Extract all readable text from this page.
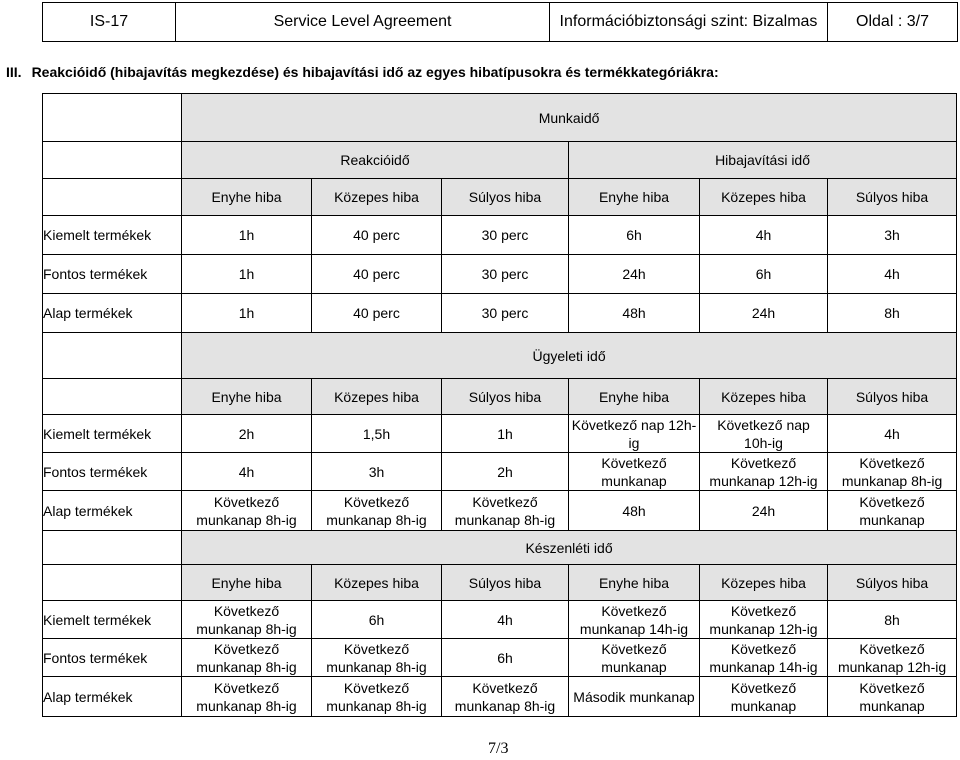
IS-17	Service Level Agreement	Információbiztonsági szint: Bizalmas	Oldal : 3/7
III. Reakcióidő (hibajavítás megkezdése) és hibajavítási idő az egyes hibatípusokra és termékkategóriákra:
	Munkaidő					
	Reakcióidő			Hibajavítási idő		
	Enyhe hiba	Közepes hiba	Súlyos hiba	Enyhe hiba	Közepes hiba	Súlyos hiba
Kiemelt termékek	1h	40 perc	30 perc	6h	4h	3h
Fontos termékek	1h	40 perc	30 perc	24h	6h	4h
Alap termékek	1h	40 perc	30 perc	48h	24h	8h
	Ügyeleti idő					
	Enyhe hiba	Közepes hiba	Súlyos hiba	Enyhe hiba	Közepes hiba	Súlyos hiba
Kiemelt termékek	2h	1,5h	1h	Következő nap 12h-ig	Következő nap 10h-ig	4h
Fontos termékek	4h	3h	2h	Következő munkanap	Következő munkanap 12h-ig	Következő munkanap 8h-ig
Alap termékek	Következő munkanap 8h-ig	Következő munkanap 8h-ig	Következő munkanap 8h-ig	48h	24h	Következő munkanap
	Készenléti idő					
	Enyhe hiba	Közepes hiba	Súlyos hiba	Enyhe hiba	Közepes hiba	Súlyos hiba
Kiemelt termékek	Következő munkanap 8h-ig	6h	4h	Következő munkanap 14h-ig	Következő munkanap 12h-ig	8h
Fontos termékek	Következő munkanap 8h-ig	Következő munkanap 8h-ig	6h	Következő munkanap	Következő munkanap 14h-ig	Következő munkanap 12h-ig
Alap termékek	Következő munkanap 8h-ig	Következő munkanap 8h-ig	Következő munkanap 8h-ig	Második munkanap	Következő munkanap	Következő munkanap
7/3
